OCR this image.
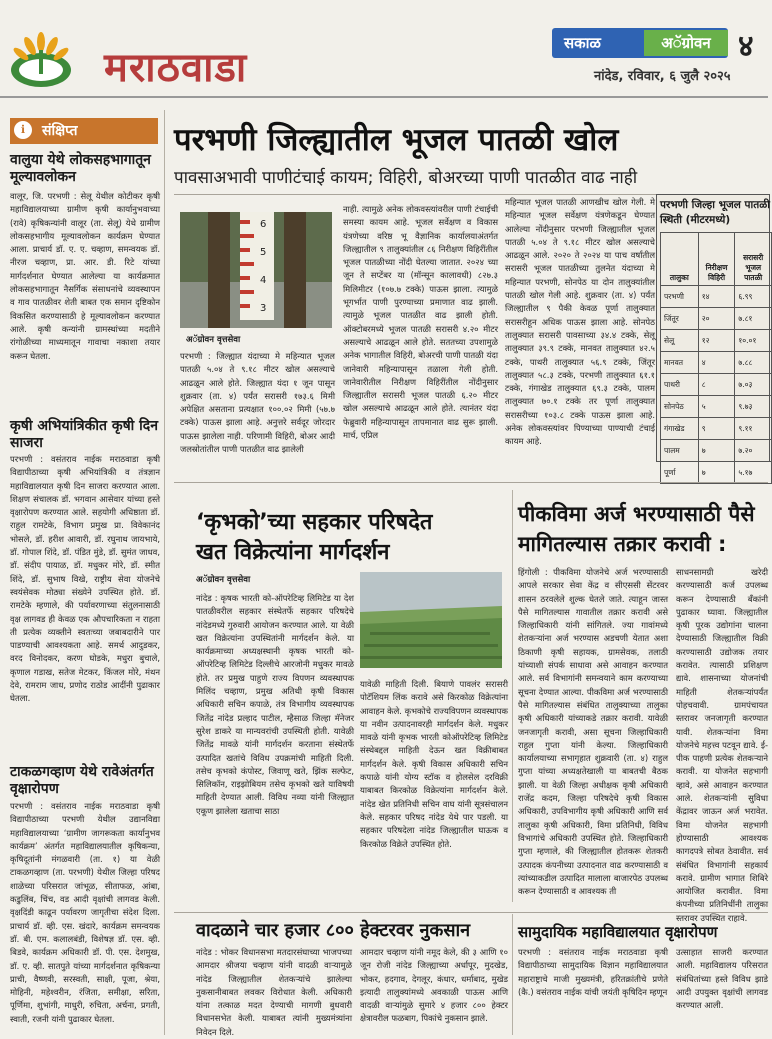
मराठवाडा
सकाळ	अॅग्रोवन ४
नांदेड, रविवार, ६ जुलै २०२५
ℹ	संक्षिप्त
वालुया येथे लोकसहभागातून मूल्यावलोकन
वालूर, जि. परभणी : सेलू येथील कोटीकर कृषी महाविद्यालयाच्या ग्रामीण कृषी कार्यानुभवाच्या (रावे) कृषिकन्यांनी वालूर (ता. सेलू) येथे ग्रामीण लोकसहभागीय मूल्यावलोकन कार्यक्रम घेण्यात आला. प्राचार्य डॉ. ए. ए. चव्हाण, समन्वयक डॉ. नीरज चव्हाण, प्रा. आर. डी. रिटे यांच्या मार्गदर्शनात घेण्यात आलेल्या या कार्यक्रमात लोकसहभागातून नैसर्गिक संसाधनांचे व्यवस्थापन व गाव पातळीवर शेती बाबत एक समान दृष्टिकोन विकसित करण्यासाठी हे मूल्यावलोकन करण्यात आले. कृषी कन्यांनी ग्रामस्थांच्या मदतीने रांगोळीच्या माध्यमातून गावाचा नकाशा तयार करून घेतला.
कृषी अभियांत्रिकीत कृषी दिन साजरा
परभणी : वसंतराव नाईक मराठवाडा कृषी विद्यापीठाच्या कृषी अभियांत्रिकी व तंत्रज्ञान महाविद्यालयात कृषी दिन साजरा करण्यात आला. शिक्षण संचालक डॉ. भगवान आसेवार यांच्या हस्ते वृक्षारोपण करण्यात आले. सहयोगी अधिष्ठाता डॉ. राहुल रामटेके, विभाग प्रमुख प्रा. विवेकानंद भोसले, डॉ. हरीश आवारी, डॉ. रघुनाथ जायभाये, डॉ. गोपाल शिंदे, डॉ. पंडित मुंडे, डॉ. सुमंत जाधव, डॉ. संदीप पायाळ, डॉ. मधुकर मोरे, डॉ. स्मीत शिंदे, डॉ. सुभाष विखे, राष्ट्रीय सेवा योजनेचे स्वयंसेवक मोठ्या संख्येने उपस्थित होते. डॉ. रामटेके म्हणाले, की पर्यावरणाच्या संतुलनासाठी वृक्ष लागवड ही केवळ एक औपचारिकता न राहता ती प्रत्येक व्यक्तीने स्वतःच्या जबाबदारीने पार पाडण्याची आवश्यकता आहे. समर्थ आदुडकर, वरद विनोदकर, करण घोडके, मधुरा बुचाले, कृणाल गडाख, सतेज मेटकर, किंजल मोरे, मंथन देवे, रामराम जाध, प्रणोद राठोड आदींनी पुढाकार घेतला.
टाकळगव्हाण येथे रावेअंतर्गत वृक्षारोपण
परभणी : वसंतराव नाईक मराठवाडा कृषी विद्यापीठाच्या परभणी येथील उद्यानविद्या महाविद्यालयाच्या ‘ग्रामीण जागरूकता कार्यानुभव कार्यक्रम’ अंतर्गत महाविद्यालयातील कृषिकन्या, कृषिदूतांनी मंगळवारी (ता. १) या वेळी टाकळगव्हाण (ता. परभणी) येथील जिल्हा परिषद शाळेच्या परिसरात जांभूळ, सीताफळ, आंबा, कडुलिंब, चिंच, वड आदी वृक्षांची लागवड केली. वृक्षदिंडी काढून पर्यावरण जागृतीचा संदेश दिला. प्राचार्य डॉ. व्ही. एस. खंदारे, कार्यक्रम समन्वयक डॉ. बी. एम. कलालबंडी, विशेषज्ञ डॉ. एस. व्ही. बिडवे, कार्यक्रम अधिकारी डॉ. पी. एस. देशमुख, डॉ. ए. व्ही. सातपुते यांच्या मार्गदर्शनात कृषिकन्या प्राची, वैष्णवी, सरस्वती, साक्षी, पूजा, श्रेया, मोहिनी, महेश्वरीन, रंजिता, समीक्षा, सरिता, पूर्णिमा, शुभांगी, माधुरी, रुचिता, अर्चना, प्रगती, स्वाती, रजनी यांनी पुढाकार घेतला.
परभणी जिल्ह्यातील भूजल पातळी खोल
पावसाअभावी पाणीटंचाई कायम; विहिरी, बोअरच्या पाणी पातळीत वाढ नाही
6
5
4
3
अॅग्रोवन वृत्तसेवा
परभणी : जिल्ह्यात यंदाच्या मे महिन्यात भूजल पातळी ५.०४ ते ९.१८ मीटर खोल असल्याचे आढळून आले होते. जिल्ह्यात यंदा १ जून पासून शुक्रवार (ता. ४) पर्यंत सरासरी १७३.६ मिमी अपेक्षित असताना प्रत्यक्षात १००.०२ मिमी (५७.७ टक्के) पाऊस झाला आहे. अनुत्तरे सर्वदूर जोरदार पाऊस झालेला नाही. परिणामी विहिरी, बोअर आदी जलस्रोतांतील पाणी पातळीत वाढ झालेली
नाही. त्यामुळे अनेक लोकवस्त्यांवरील पाणी टंचाईची समस्या कायम आहे. भूजल सर्वेक्षण व विकास यंत्रणेच्या वरिष्ठ भू वैज्ञानिक कार्यालयाअंतर्गत जिल्ह्यातील ९ तालुक्यांतील ८६ निरीक्षण विहिरींतील भूजल पातळीच्या नोंदी घेतल्या जातात. २०२४ च्या जून ते सप्टेंबर या (मॉन्सून कालावधी) ८२७.३ मिलिमीटर (१०७.७ टक्के) पाऊस झाला. त्यामुळे भूगर्भात पाणी पुरण्याच्या प्रमाणात वाढ झाली. त्यामुळे भूजल पातळीत वाढ झाली होती. ऑक्टोबरमध्ये भूजल पातळी सरासरी ४.२० मीटर असल्याचे आढळून आले होते. सततच्या उपशामुळे अनेक भागातील विहिरी, बोअरची पाणी पातळी यंदा जानेवारी महिन्यापासून तळाला गेली होती. जानेवारीतील निरीक्षण विहिरींतील नोंदीनुसार जिल्ह्यातील सरासरी भूजल पातळी ६.२० मीटर खोल असल्याचे आढळून आले होते. त्यानंतर यंदा फेब्रुवारी महिन्यापासून तापमानात वाढ सुरू झाली. मार्च, एप्रिल
महिन्यात भूजल पातळी आणखीच खोल गेली. मे महिन्यात भूजल सर्वेक्षण यंत्रणेकडून घेण्यात आलेल्या नोंदीनुसार परभणी जिल्ह्यातील भूजल पातळी ५.०४ ते ९.१८ मीटर खोल असल्याचे आढळून आले. २०२० ते २०२४ या पाच वर्षांतील सरासरी भूजल पातळीच्या तुलनेत यंदाच्या मे महिन्यात परभणी, सोनपेठ या दोन तालुक्यांतील पातळी खोल गेली आहे. शुक्रवार (ता. ४) पर्यंत जिल्ह्यातील ९ पैकी केवळ पूर्णा तालुक्यात सरासरीहून अधिक पाऊस झाला आहे. सोनपेठ तालुक्यात सरासरी पावसाच्या ३४.४ टक्के, सेलू तालुक्यात ३९.९ टक्के, मानवत तालुक्यात ४२.५ टक्के, पाथरी तालुक्यात ५६.९ टक्के, जिंतूर तालुक्यात ५८.३ टक्के, परभणी तालुक्यात ६१.१ टक्के, गंगाखेड तालुक्यात ६९.३ टक्के, पालम तालुक्यात ७०.१ टक्के तर पूर्णा तालुक्यात सरासरीच्या १०३.८ टक्के पाऊस झाला आहे. अनेक लोकवस्त्यांवर पिण्याच्या पाण्याची टंचाई कायम आहे.
परभणी जिल्हा भूजल पातळी स्थिती (मीटरमध्ये)
तालुका	निरीक्षण विहिरी	सरासरी भूजल पातळी
परभणी	१४	६.९९
जिंतूर	२०	७.८१
सेलू	१२	१०.०१
मानवत	४	७.८८
पाथरी	८	७.०३
सोनपेठ	५	९.७३
गंगाखेड	९	९.११
पालम	७	७.२०
पूर्णा	७	५.१७
‘कृभको’च्या सहकार परिषदेत
खत विक्रेत्यांना मार्गदर्शन
अॅग्रोवन वृत्तसेवा
नांदेड : कृषक भारती को-ऑपरेटिव्ह लिमिटेड या देश पातळीवरील सहकार संस्थेतर्फे सहकार परिषदेचे नांदेडमध्ये गुरुवारी आयोजन करण्यात आले. या वेळी खत विक्रेत्यांना उपस्थितांनी मार्गदर्शन केले. या कार्यक्रमाच्या अध्यक्षस्थानी कृषक भारती को-ऑपरेटिव्ह लिमिटेड दिल्लीचे आरजोनी मधुकर मावळे होते. तर प्रमुख पाहुणे राज्य विपणन व्यवस्थापक मिलिंद चव्हाण, प्रमुख अतिथी कृषी विकास अधिकारी सचिन कपाळे, तंत्र विभागीय व्यवस्थापक जितेंद्र नांदेड प्रल्हाद पाटील, म्हैसाळ जिल्हा मॅनेजर सुरेश डाकरे या मान्यवरांची उपस्थिती होती. यावेळी जितेंद्र मावळे यांनी मार्गदर्शन करताना संस्थेतर्फे उत्पादित खतांचे विविध उपक्रमांची माहिती दिली. तसेच कृभको कंपोस्ट, जिवाणू खते, झिंक सल्फेट, सिलिकॉन, राइझोबियम तसेच कृभको खते याविषयी माहिती देण्यात आली. विविध नव्या यांनी जिल्ह्यात एकूण झालेला खताचा साठा
यावेळी माहिती दिली. बियाणे पावलंर सरासरी पोटॅशियम लिंक करावे असे किरकोळ विक्रेत्यांना आवाहन केले. कृभकोचे राज्यविपणन व्यवस्थापक या नवीन उत्पादनावरही मार्गदर्शन केले. मधुकर मावळे यांनी कृभक भारती कोऑपरेटिव्ह लिमिटेड संस्थेबद्दल माहिती देऊन खत विक्रीबाबत मार्गदर्शन केले. कृषी विकास अधिकारी सचिन कपाळे यांनी योग्य स्टॉक व होलसेल दरविक्री याबाबत किरकोळ विक्रेत्यांना मार्गदर्शन केले. नांदेड खेत प्रतिनिधी सचिन वाघ यांनी सूत्रसंचालन केले. सहकार परिषद नांदेड येथे पार पडली. या सहकार परिषदेला नांदेड जिल्ह्यातील घाऊक व किरकोळ विक्रेते उपस्थित होते.
पीकविमा अर्ज भरण्यासाठी पैसे
मागितल्यास तक्रार करावी :
हिंगोली : पीकविमा योजनेचे अर्ज भरण्यासाठी आपले सरकार सेवा केंद्र व सीएससी सेंटरवर शासन ठरवलेले शुल्क घेतले जाते. त्याहून जास्त पैसे मागितल्यास गावातील तक्रार करावी असे जिल्हाधिकारी यांनी सांगितले. ज्या गावांमध्ये शेतकऱ्यांना अर्ज भरण्यास अडचणी येतात अशा ठिकाणी कृषी सहायक, ग्रामसेवक, तलाठी यांच्याशी संपर्क साधावा असे आवाहन करण्यात आले. सर्व विभागांनी समन्वयाने काम करण्याच्या सूचना देण्यात आल्या. पीकविमा अर्ज भरण्यासाठी पैसे मागितल्यास संबंधित तालुक्याच्या तालुका कृषी अधिकारी यांच्याकडे तक्रार करावी. यावेळी जनजागृती करावी, असा सूचना जिल्हाधिकारी राहुल गुप्ता यांनी केल्या. जिल्हाधिकारी कार्यालयाच्या सभागृहात शुक्रवारी (ता. ४) राहुल गुप्ता यांच्या अध्यक्षतेखाली या बाबतची बैठक झाली. या वेळी जिल्हा अधीक्षक कृषी अधिकारी राजेंद्र कदम, जिल्हा परिषदेचे कृषी विकास अधिकारी, उपविभागीय कृषी अधिकारी आणि सर्व तालुका कृषी अधिकारी, विमा प्रतिनिधी, विविध विभागांचे अधिकारी उपस्थित होते. जिल्हाधिकारी गुप्ता म्हणाले, की जिल्ह्यातील होतकरू शेतकरी उत्पादक कंपनीच्या उत्पादनात वाढ करण्यासाठी व त्यांच्याकडील उत्पादित मालाला बाजारपेठ उपलब्ध करून देण्यासाठी व आवश्यक ती
साधनसामग्री खरेदी करण्यासाठी कर्ज उपलब्ध करून देण्यासाठी बँकांनी पुढाकार घ्यावा. जिल्ह्यातील कृषी पूरक उद्योगांना चालना देण्यासाठी जिल्ह्यातील विक्री करण्यासाठी उद्योजक तयार करावेत. त्यासाठी प्रशिक्षण द्यावे. शासनाच्या योजनांची माहिती शेतकऱ्यांपर्यंत पोहचवावी. ग्रामपंचायत स्तरावर जनजागृती करण्यात यावी. शेतकऱ्यांना विमा योजनेचे महत्त्व पटवून द्यावे. ई-पीक पाहणी प्रत्येक शेतकऱ्याने करावी. या योजनेत सहभागी व्हावे, असे आवाहन करण्यात आले. शेतकऱ्यांनी सुविधा केंद्रावर जाऊन अर्ज भरावेत. विमा योजनेत सहभागी होण्यासाठी आवश्यक कागदपत्रे सोबत ठेवावीत. सर्व संबंधित विभागांनी सहकार्य करावे. ग्रामीण भागात शिबिरे आयोजित करावीत. विमा कंपनीच्या प्रतिनिधींनी तालुका स्तरावर उपस्थित राहावे.
वादळाने चार हजार ८०० हेक्टरवर नुकसान
नांदेड : भोकर विधानसभा मतदारसंघाच्या भाजपच्या आमदार श्रीजया चव्हाण यांनी वादळी वाऱ्यामुळे नांदेड जिल्ह्यातील शेतकऱ्यांचे झालेल्या नुकसानीबाबत लवकर विरोधात केली. अधिकारी यांना तत्काळ मदत देण्याची मागणी बुधवारी विधानसभेत केली. याबाबत त्यांनी मुख्यमंत्र्यांना निवेदन दिले.
आमदार चव्हाण यांनी नमूद केले, की ३ आणि १० जून रोजी नांदेड जिल्ह्याच्या अर्धापूर, मुदखेड, भोकर, हदगाव, देगलूर, कंधार, धर्माबाद, मुखेड इत्यादी तालुक्यांमध्ये अवकाळी पाऊस आणि वादळी वाऱ्यांमुळे सुमारे ४ हजार ८०० हेक्टर क्षेत्रावरील फळबाग, पिकांचे नुकसान झाले.
सामुदायिक महाविद्यालयात वृक्षारोपण
परभणी : वसंतराव नाईक मराठवाडा कृषी विद्यापीठाच्या सामुदायिक विज्ञान महाविद्यालयात महाराष्ट्राचे माजी मुख्यमंत्री, हरितक्रांतीचे प्रणेते (कै.) वसंतराव नाईक यांची जयंती कृषिदिन म्हणून
उत्साहात साजरी करण्यात आली. महाविद्यालय परिसरात संबंधितांच्या हस्ते विविध झाडे आदी उपयुक्त वृक्षांची लागवड करण्यात आली.
